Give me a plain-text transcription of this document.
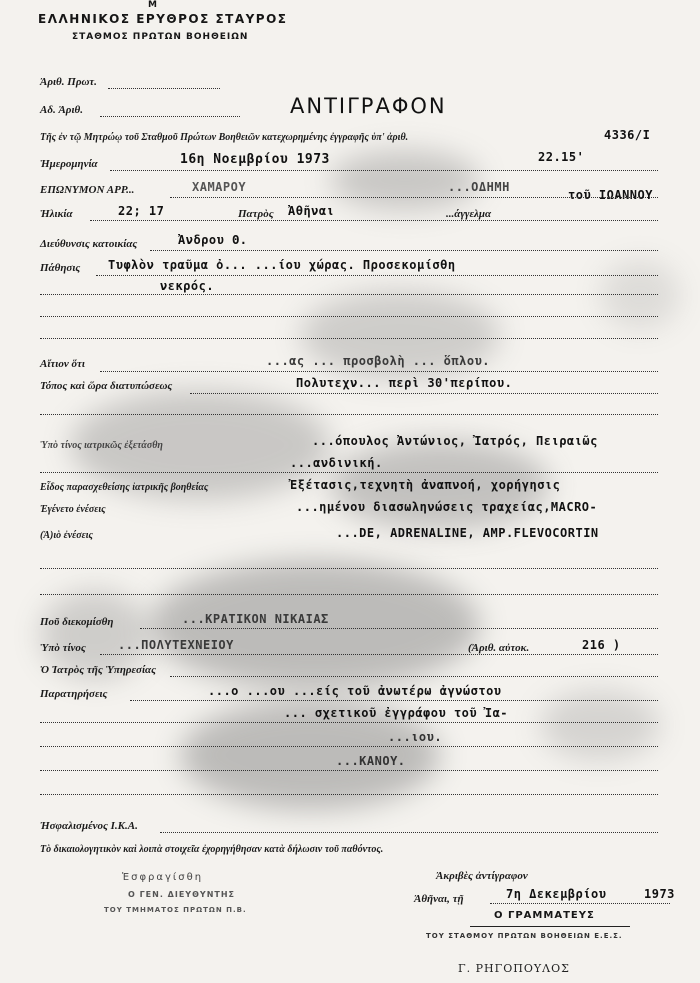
Μ
ΕΛΛΗΝΙΚΟΣ ΕΡΥΘΡΟΣ ΣΤΑΥΡΟΣ
ΣΤΑΘΜΟΣ ΠΡΩΤΩΝ ΒΟΗΘΕΙΩΝ
Ἀριθ. Πρωτ.
Αδ. Ἀριθ.	ΑΝΤΙΓΡΑΦΟΝ
Τῆς ἐν τῷ Μητρώῳ τοῦ Σταθμοῦ Πρώτων Βοηθειῶν κατεχωρημένης ἐγγραφῆς ὑπ' ἀριθ.	4336/I
Ἡμερομηνία	16η Νοεμβρίου 1973	22.15'
ΕΠΩΝΥΜΟΝ ΑΡΡ...	ΧΑΜΑΡΟΥ	...ΟΔΗΜΗ
τοῦ ΙΩΑΝΝΟΥ
Ἡλικία	22; 17	Πατρὸς Ἀθῆναι	...άγγελμα
Διεύθυνσις κατοικίας	Ἀνδρου Θ.
Πάθησις Τυφλὸν τραῦμα ὀ... ...ίου χώρας. Προσεκομίσθη
νεκρός.
Αἴτιον ὅτι	...ας ... προσβολὴ ... ὅπλου.
Τόπος καὶ ὥρα διατυπώσεως	Πολυτεχν... περὶ 30'περίπου.
Ὑπὸ τίνος ιατρικῶς ἐξετάσθη	...όπουλος Ἀντώνιος, Ἰατρός, Πειραιῶς
...ανδινική.
Εἶδος παρασχεθείσης ἰατρικῆς βοηθείας	Ἐξέτασις,τεχνητὴ ἀναπνοή, χορήγησις
Ἐγένετο ἐνέσεις	...ημένου διασωληνώσεις τραχείας,MACRO-
(Ἀ)ιὸ ἐνέσεις	...DE, ADRENALINE, AMP.FLEVOCORTIN
Ποῦ διεκομίσθη	...ΚΡΑΤΙΚΟΝ ΝΙΚΑΙΑΣ
Ὑπὸ τίνος	...ΠΟΛΥΤΕΧΝΕΙΟΥ	(Ἀριθ. αὐτοκ.	216 )
Ὁ Ἰατρὸς τῆς Ὑπηρεσίας
Παρατηρήσεις	...ο ...ου ...είς τοῦ ἀνωτέρω ἀγνώστου
... σχετικοῦ ἐγγράφου τοῦ Ἰα-
...ιου.
...ΚΑΝΟΥ.
Ἠσφαλισμένος Ι.Κ.Α.
Τὸ δικαιολογητικὸν καὶ λοιπὰ στοιχεῖα ἐχορηγήθησαν κατὰ δήλωσιν τοῦ παθόντος.
Ἐσφραγίσθη
Ο ΓΕΝ. ΔΙΕΥΘΥΝΤΗΣ
ΤΟΥ ΤΜΗΜΑΤΟΣ ΠΡΩΤΩΝ Π.Β.
Ἀκριβὲς ἀντίγραφον
Ἀθῆναι, τῇ	7η Δεκεμβρίου	1973
Ο ΓΡΑΜΜΑΤΕΥΣ
ΤΟΥ ΣΤΑΘΜΟΥ ΠΡΩΤΩΝ ΒΟΗΘΕΙΩΝ Ε.Ε.Σ.
Γ. ΡΗΓΟΠΟΥΛΟΣ
